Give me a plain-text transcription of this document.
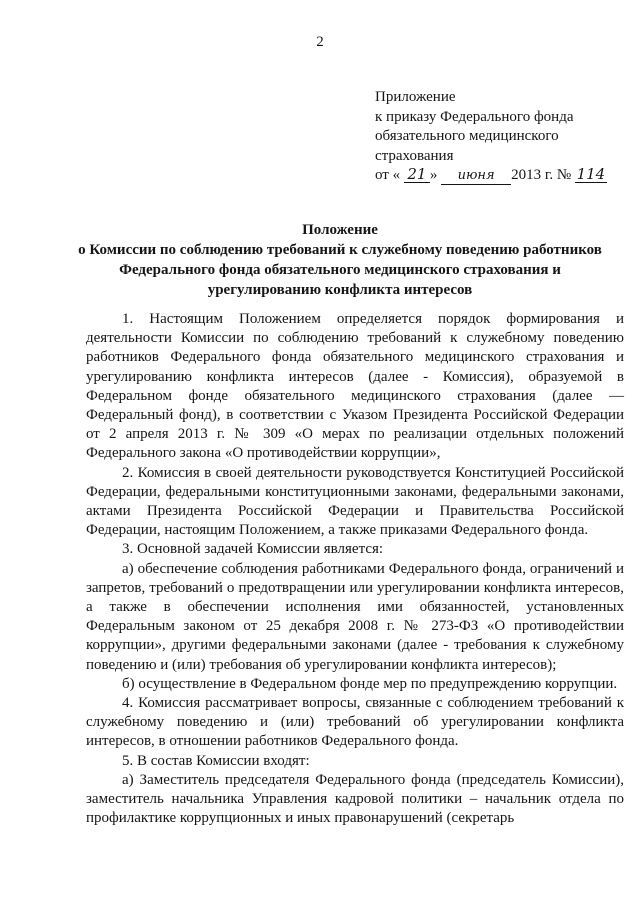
2
Приложение
к приказу Федерального фонда
обязательного медицинского
страхования
от « 21 » июня 2013 г. № 114
Положение
о Комиссии по соблюдению требований к служебному поведению работников
Федерального фонда обязательного медицинского страхования и
урегулированию конфликта интересов

1. Настоящим Положением определяется порядок формирования и деятельности Комиссии по соблюдению требований к служебному поведению работников Федерального фонда обязательного медицинского страхования и урегулированию конфликта интересов (далее - Комиссия), образуемой в Федеральном фонде обязательного медицинского страхования (далее — Федеральный фонд), в соответствии с Указом Президента Российской Федерации от 2 апреля 2013 г. № 309 «О мерах по реализации отдельных положений Федерального закона «О противодействии коррупции»,

2. Комиссия в своей деятельности руководствуется Конституцией Российской Федерации, федеральными конституционными законами, федеральными законами, актами Президента Российской Федерации и Правительства Российской Федерации, настоящим Положением, а также приказами Федерального фонда.

3. Основной задачей Комиссии является:

а) обеспечение соблюдения работниками Федерального фонда, ограничений и запретов, требований о предотвращении или урегулировании конфликта интересов, а также в обеспечении исполнения ими обязанностей, установленных Федеральным законом от 25 декабря 2008 г. № 273-ФЗ «О противодействии коррупции», другими федеральными законами (далее - требования к служебному поведению и (или) требования об урегулировании конфликта интересов);

б) осуществление в Федеральном фонде мер по предупреждению коррупции.

4. Комиссия рассматривает вопросы, связанные с соблюдением требований к служебному поведению и (или) требований об урегулировании конфликта интересов, в отношении работников Федерального фонда.

5. В состав Комиссии входят:

а) Заместитель председателя Федерального фонда (председатель Комиссии), заместитель начальника Управления кадровой политики – начальник отдела по профилактике коррупционных и иных правонарушений (секретарь
